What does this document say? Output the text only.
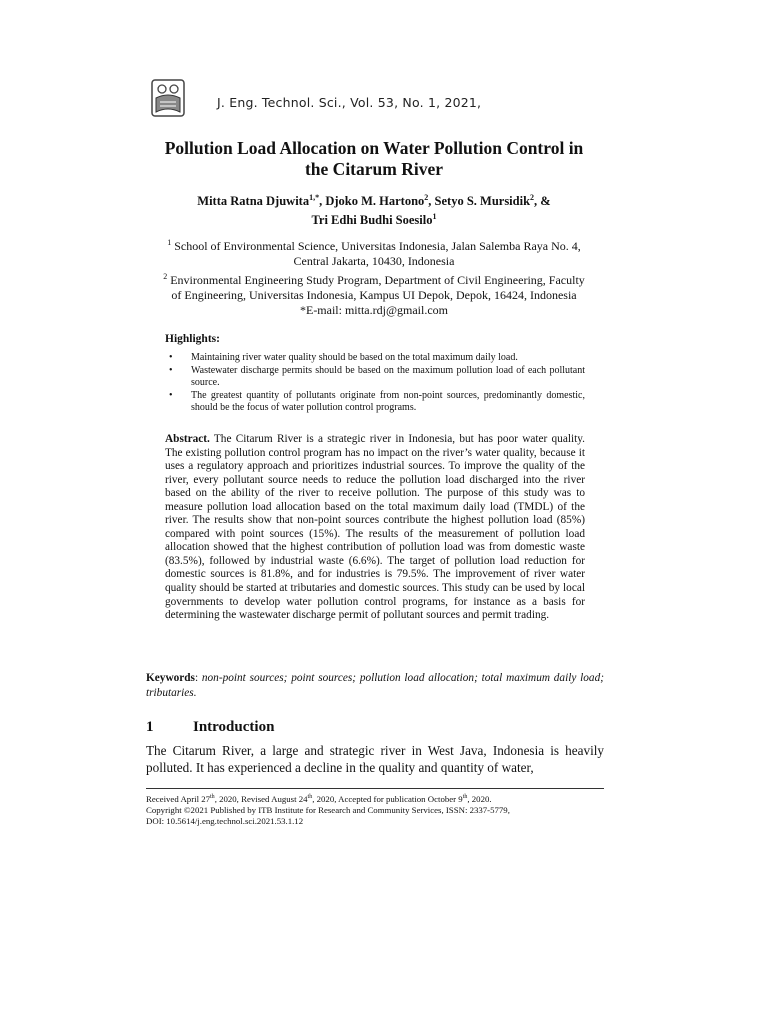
J. Eng. Technol. Sci., Vol. 53, No. 1, 2021,
Pollution Load Allocation on Water Pollution Control in
the Citarum River
Mitta Ratna Djuwita$^{1,*}$, Djoko M. Hartono$^2$, Setyo S. Mursidik$^2$, &
Tri Edhi Budhi Soesilo$^1$
$^1$ School of Environmental Science, Universitas Indonesia, Jalan Salemba Raya No. 4,
Central Jakarta, 10430, Indonesia
$^2$ Environmental Engineering Study Program, Department of Civil Engineering, Faculty
of Engineering, Universitas Indonesia, Kampus UI Depok, Depok, 16424, Indonesia
*E-mail: mitta.rdj@gmail.com
Highlights:
• Maintaining river water quality should be based on the total maximum daily load.
• Wastewater discharge permits should be based on the maximum pollution load of each pollutant source.
• The greatest quantity of pollutants originate from non-point sources, predominantly domestic, should be the focus of water pollution control programs.

Abstract. The Citarum River is a strategic river in Indonesia, but has poor water quality. The existing pollution control program has no impact on the river’s water quality, because it uses a regulatory approach and prioritizes industrial sources. To improve the quality of the river, every pollutant source needs to reduce the pollution load discharged into the river based on the ability of the river to receive pollution. The purpose of this study was to measure pollution load allocation based on the total maximum daily load (TMDL) of the river. The results show that non-point sources contribute the highest pollution load (85%) compared with point sources (15%). The results of the measurement of pollution load allocation showed that the highest contribution of pollution load was from domestic waste (83.5%), followed by industrial waste (6.6%). The target of pollution load reduction for domestic sources is 81.8%, and for industries is 79.5%. The improvement of river water quality should be started at tributaries and domestic sources. This study can be used by local governments to develop water pollution control programs, for instance as a basis for determining the wastewater discharge permit of pollutant sources and permit trading.

Keywords: non-point sources; point sources; pollution load allocation; total maximum daily load; tributaries.

1	Introduction

The Citarum River, a large and strategic river in West Java, Indonesia is heavily polluted. It has experienced a decline in the quality and quantity of water,

Received April 27th, 2020, Revised August 24th, 2020, Accepted for publication October 9th, 2020.
Copyright ©2021 Published by ITB Institute for Research and Community Services, ISSN: 2337-5779,
DOI: 10.5614/j.eng.technol.sci.2021.53.1.12
